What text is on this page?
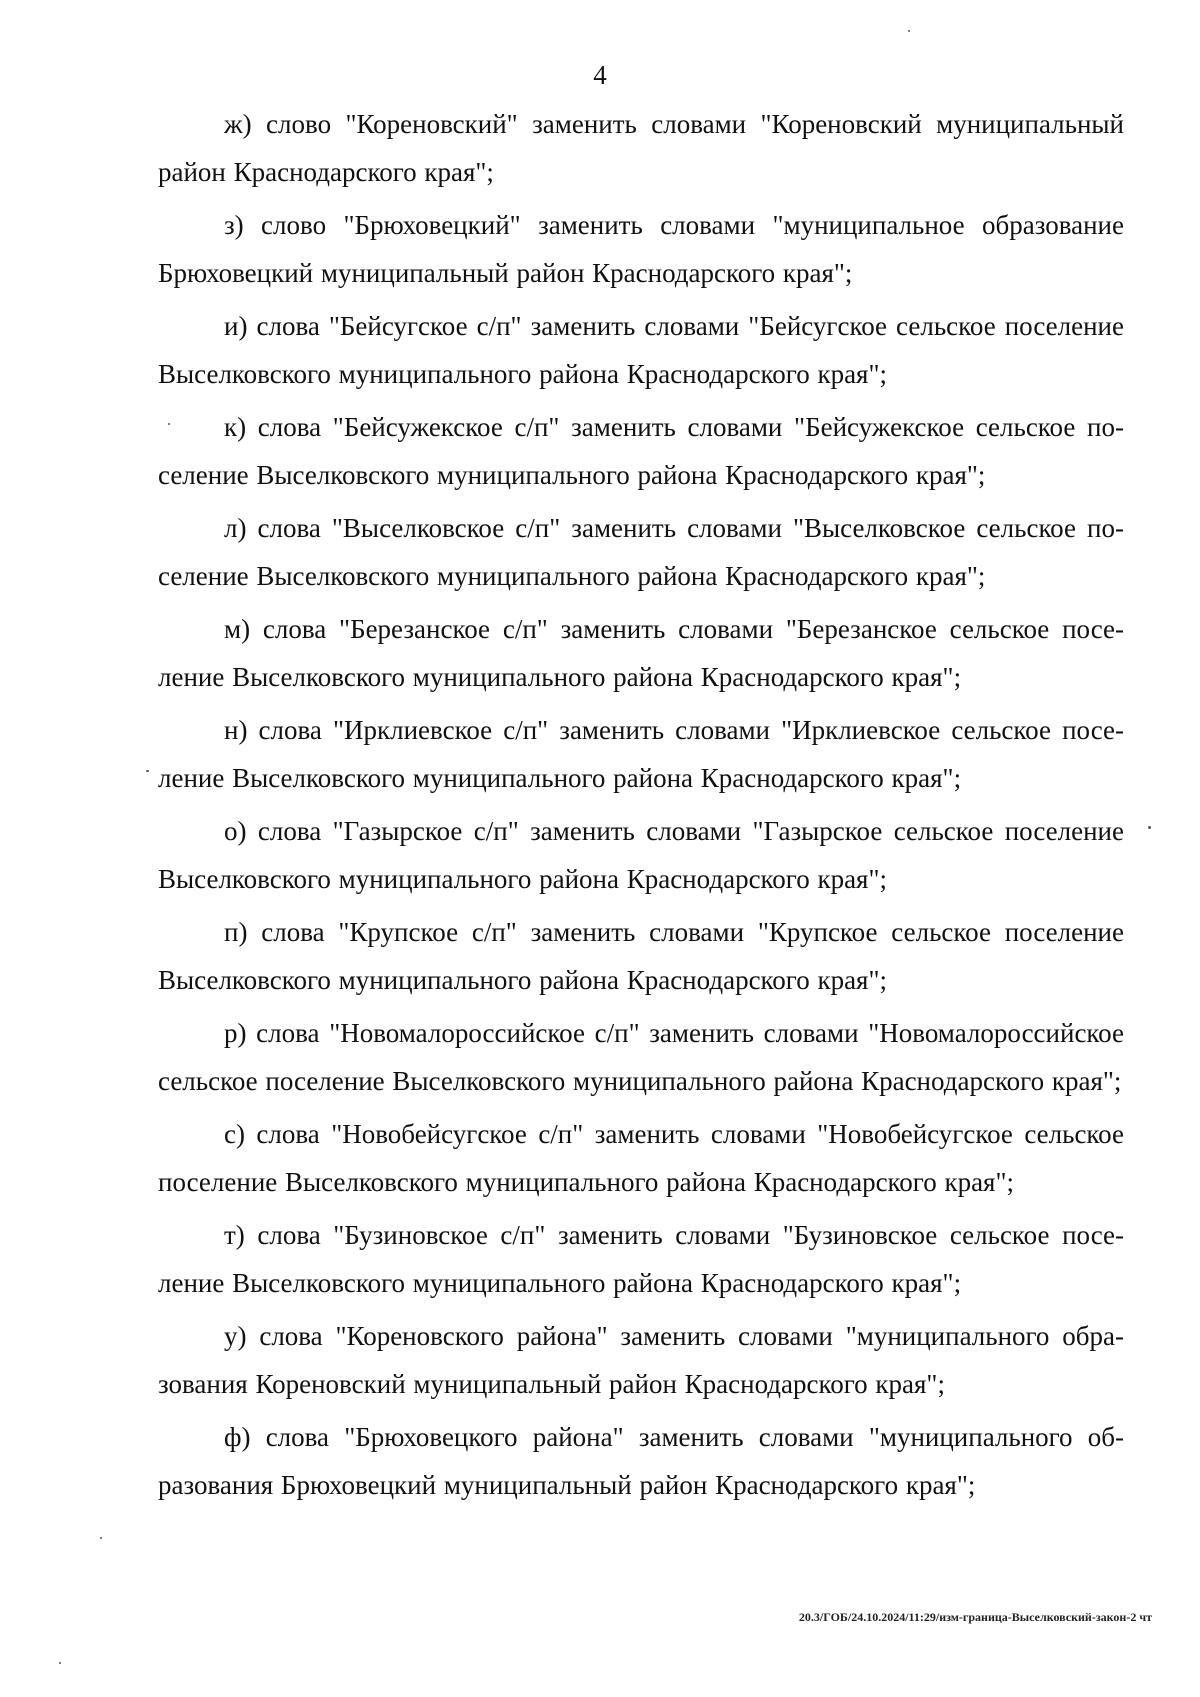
4

ж) слово "Кореновский" заменить словами "Кореновский муниципальный район Краснодарского края";

з) слово "Брюховецкий" заменить словами "муниципальное образование Брюховецкий муниципальный район Краснодарского края";

и) слова "Бейсугское с/п" заменить словами "Бейсугское сельское поселение Выселковского муниципального района Краснодарского края";

к) слова "Бейсужекское с/п" заменить словами "Бейсужекское сельское поселение Выселковского муниципального района Краснодарского края";

л) слова "Выселковское с/п" заменить словами "Выселковское сельское поселение Выселковского муниципального района Краснодарского края";

м) слова "Березанское с/п" заменить словами "Березанское сельское поселение Выселковского муниципального района Краснодарского края";

н) слова "Ирклиевское с/п" заменить словами "Ирклиевское сельское поселение Выселковского муниципального района Краснодарского края";

о) слова "Газырское с/п" заменить словами "Газырское сельское поселение Выселковского муниципального района Краснодарского края";

п) слова "Крупское с/п" заменить словами "Крупское сельское поселение Выселковского муниципального района Краснодарского края";

р) слова "Новомалороссийское с/п" заменить словами "Новомалороссийское сельское поселение Выселковского муниципального района Краснодарского края";

с) слова "Новобейсугское с/п" заменить словами "Новобейсугское сельское поселение Выселковского муниципального района Краснодарского края";

т) слова "Бузиновское с/п" заменить словами "Бузиновское сельское поселение Выселковского муниципального района Краснодарского края";

у) слова "Кореновского района" заменить словами "муниципального образования Кореновский муниципальный район Краснодарского края";

ф) слова "Брюховецкого района" заменить словами "муниципального образования Брюховецкий муниципальный район Краснодарского края";

20.3/ГОБ/24.10.2024/11:29/изм-граница-Выселковский-закон-2 чт
